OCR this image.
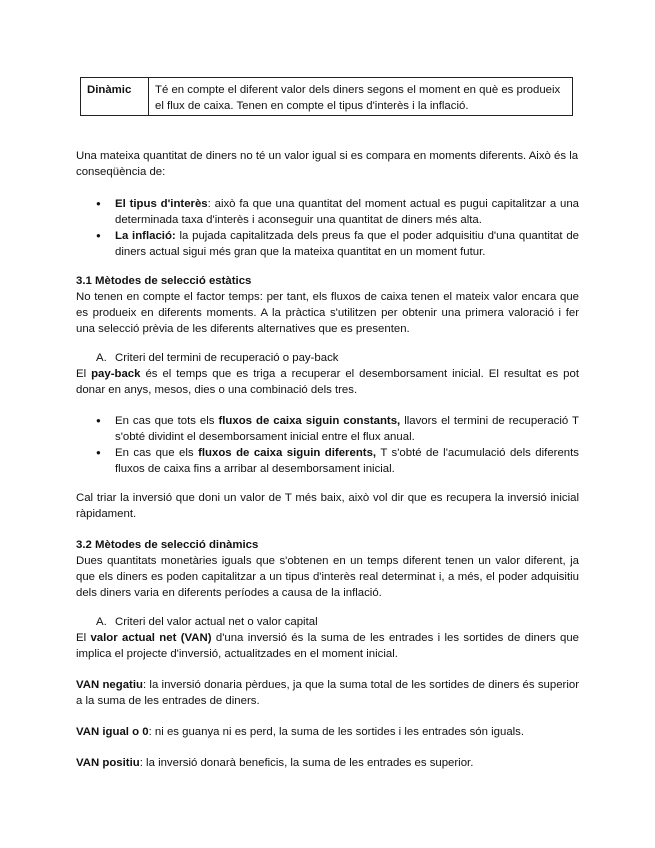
Dinàmic	Té en compte el diferent valor dels diners segons el moment en què es produeix el flux de caixa. Tenen en compte el tipus d'interès i la inflació.

Una mateixa quantitat de diners no té un valor igual si es compara en moments diferents. Això és la conseqüència de:

● El tipus d'interès: això fa que una quantitat del moment actual es pugui capitalitzar a una determinada taxa d'interès i aconseguir una quantitat de diners més alta.
● La inflació: la pujada capitalitzada dels preus fa que el poder adquisitiu d'una quantitat de diners actual sigui més gran que la mateixa quantitat en un moment futur.

3.1 Mètodes de selecció estàtics

No tenen en compte el factor temps: per tant, els fluxos de caixa tenen el mateix valor encara que es produeix en diferents moments. A la pràctica s'utilitzen per obtenir una primera valoració i fer una selecció prèvia de les diferents alternatives que es presenten.

A. Criteri del termini de recuperació o pay-back

El pay-back és el temps que es triga a recuperar el desemborsament inicial. El resultat es pot donar en anys, mesos, dies o una combinació dels tres.

● En cas que tots els fluxos de caixa siguin constants, llavors el termini de recuperació T s'obté dividint el desemborsament inicial entre el flux anual.
● En cas que els fluxos de caixa siguin diferents, T s'obté de l'acumulació dels diferents fluxos de caixa fins a arribar al desemborsament inicial.

Cal triar la inversió que doni un valor de T més baix, això vol dir que es recupera la inversió inicial ràpidament.

3.2 Mètodes de selecció dinàmics

Dues quantitats monetàries iguals que s'obtenen en un temps diferent tenen un valor diferent, ja que els diners es poden capitalitzar a un tipus d'interès real determinat i, a més, el poder adquisitiu dels diners varia en diferents períodes a causa de la inflació.

A. Criteri del valor actual net o valor capital

El valor actual net (VAN) d'una inversió és la suma de les entrades i les sortides de diners que implica el projecte d'inversió, actualitzades en el moment inicial.

VAN negatiu: la inversió donaria pèrdues, ja que la suma total de les sortides de diners és superior a la suma de les entrades de diners.

VAN igual o 0: ni es guanya ni es perd, la suma de les sortides i les entrades són iguals.

VAN positiu: la inversió donarà beneficis, la suma de les entrades es superior.
